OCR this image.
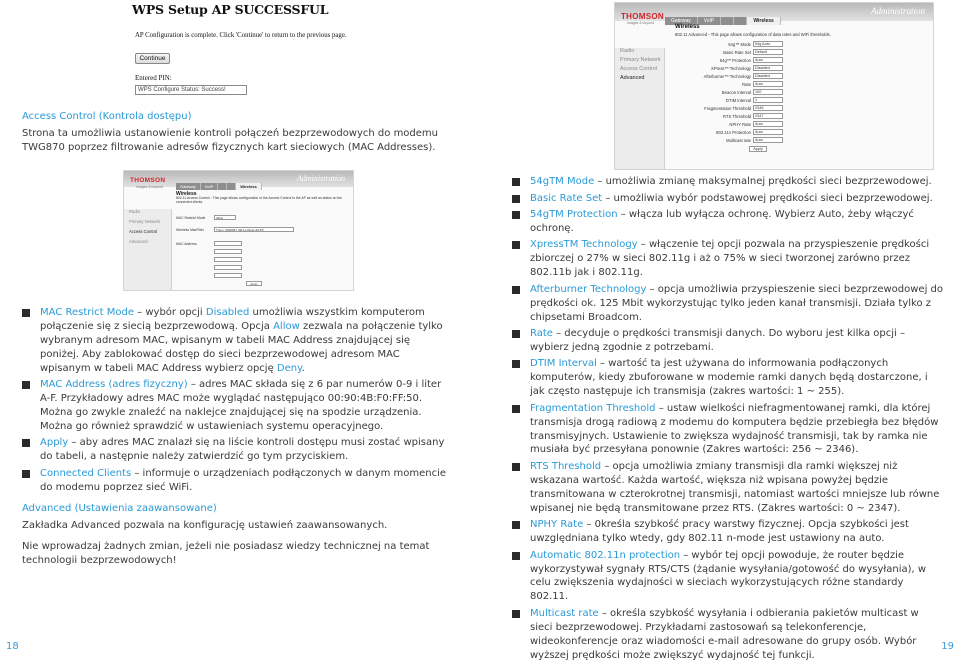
WPS Setup AP SUCCESSFUL
AP Configuration is complete. Click 'Continue' to return to the previous page.
Continue
Entered PIN:
WPS Configure Status: Success!
Administration
THOMSON
images & beyond	Gateway	VoIP	Wireless
Radio
Primary Network
Access Control
Advanced
Wireless
802.11 Advanced - This page allows configuration of data rates and WiFi thresholds.
54g™ Mode	54g Auto
Basic Rate Set	Default
54g™ Protection	Auto
XPress™ Technology	Disabled
Afterburner™ Technology	Disabled
Rate	Auto
Beacon Interval	100
DTIM Interval	1
Fragmentation Threshold	2346
RTS Threshold	2347
NPHY Rate	Auto
802.11n Protection	Auto
Multicast rate	Auto
Apply
Administration
THOMSON
images & beyond	Gateway	VoIP	Wireless
Radio
Primary Network
Access Control
Advanced
Wireless
802.11 Access Control - This page allows configuration of the Access Control to the AP as well as status on the connected clients.
MAC Restrict Mode	Allow
Wireless MacFilter	Thom_0000957 (00:1e:69:a1:30:87)
MAC Address
Apply
Access Control (Kontrola dostępu)
Strona ta umożliwia ustanowienie kontroli połączeń bezprzewodowych do modemu TWG870 poprzez filtrowanie adresów fizycznych kart sieciowych (MAC Addresses).
MAC Restrict Mode – wybór opcji Disabled umożliwia wszystkim komputerom połączenie się z siecią bezprzewodową. Opcja Allow zezwala na połączenie tylko wybranym adresom MAC, wpisanym w tabeli MAC Address znajdującej się poniżej. Aby zablokować dostęp do sieci bezprzewodowej adresom MAC wpisanym w tabeli MAC Address wybierz opcję Deny.
MAC Address (adres fizyczny) – adres MAC składa się z 6 par numerów 0-9 i liter A-F. Przykładowy adres MAC może wyglądać następująco 00:90:4B:F0:FF:50. Można go zwykle znaleźć na naklejce znajdującej się na spodzie urządzenia. Można go również sprawdzić w ustawieniach systemu operacyjnego.
Apply – aby adres MAC znalazł się na liście kontroli dostępu musi zostać wpisany do tabeli, a następnie należy zatwierdzić go tym przyciskiem.
Connected Clients – informuje o urządzeniach podłączonych w danym momencie do modemu poprzez sieć WiFi.
Advanced (Ustawienia zaawansowane)
Zakładka Advanced pozwala na konfigurację ustawień zaawansowanych.
Nie wprowadzaj żadnych zmian, jeżeli nie posiadasz wiedzy technicznej na temat technologii bezprzewodowych!
54gTM Mode – umożliwia zmianę maksymalnej prędkości sieci bezprzewodowej.
Basic Rate Set – umożliwia wybór podstawowej prędkości sieci bezprzewodowej.
54gTM Protection – włącza lub wyłącza ochronę. Wybierz Auto, żeby włączyć ochronę.
XpressTM Technology – włączenie tej opcji pozwala na przyspieszenie prędkości zbiorczej o 27% w sieci 802.11g i aż o 75% w sieci tworzonej zarówno przez 802.11b jak i 802.11g.
Afterburner Technology – opcja umożliwia przyspieszenie sieci bezprzewodowej do prędkości ok. 125 Mbit wykorzystując tylko jeden kanał transmisji. Działa tylko z chipsetami Broadcom.
Rate – decyduje o prędkości transmisji danych. Do wyboru jest kilka opcji – wybierz jedną zgodnie z potrzebami.
DTIM Interval – wartość ta jest używana do informowania podłączonych komputerów, kiedy zbuforowane w modemie ramki danych będą dostarczone, i jak często następuje ich transmisja (zakres wartości: 1 ~ 255).
Fragmentation Threshold – ustaw wielkości niefragmentowanej ramki, dla której transmisja drogą radiową z modemu do komputera będzie przebiegła bez błędów transmisyjnych. Ustawienie to zwiększa wydajność transmisji, tak by ramka nie musiała być przesyłana ponownie (Zakres wartości: 256 ~ 2346).
RTS Threshold – opcja umożliwia zmiany transmisji dla ramki większej niż wskazana wartość. Każda wartość, większa niż wpisana powyżej będzie transmitowana w czterokrotnej transmisji, natomiast wartości mniejsze lub równe wpisanej nie będą transmitowane przez RTS. (Zakres wartości: 0 ~ 2347).
NPHY Rate – 0kreśla szybkość pracy warstwy fizycznej. Opcja szybkości jest uwzględniana tylko wtedy, gdy 802.11 n-mode jest ustawiony na auto.
Automatic 802.11n protection – wybór tej opcji powoduje, że router będzie wykorzystywał sygnały RTS/CTS (żądanie wysyłania/gotowość do wysyłania), w celu zwiększenia wydajności w sieciach wykorzystujących różne standardy 802.11.
Multicast rate – określa szybkość wysyłania i odbierania pakietów multicast w sieci bezprzewodowej. Przykładami zastosowań są telekonferencje, wideokonferencje oraz wiadomości e-mail adresowane do grupy osób. Wybór wyższej prędkości może zwiększyć wydajność tej funkcji.
18	19
